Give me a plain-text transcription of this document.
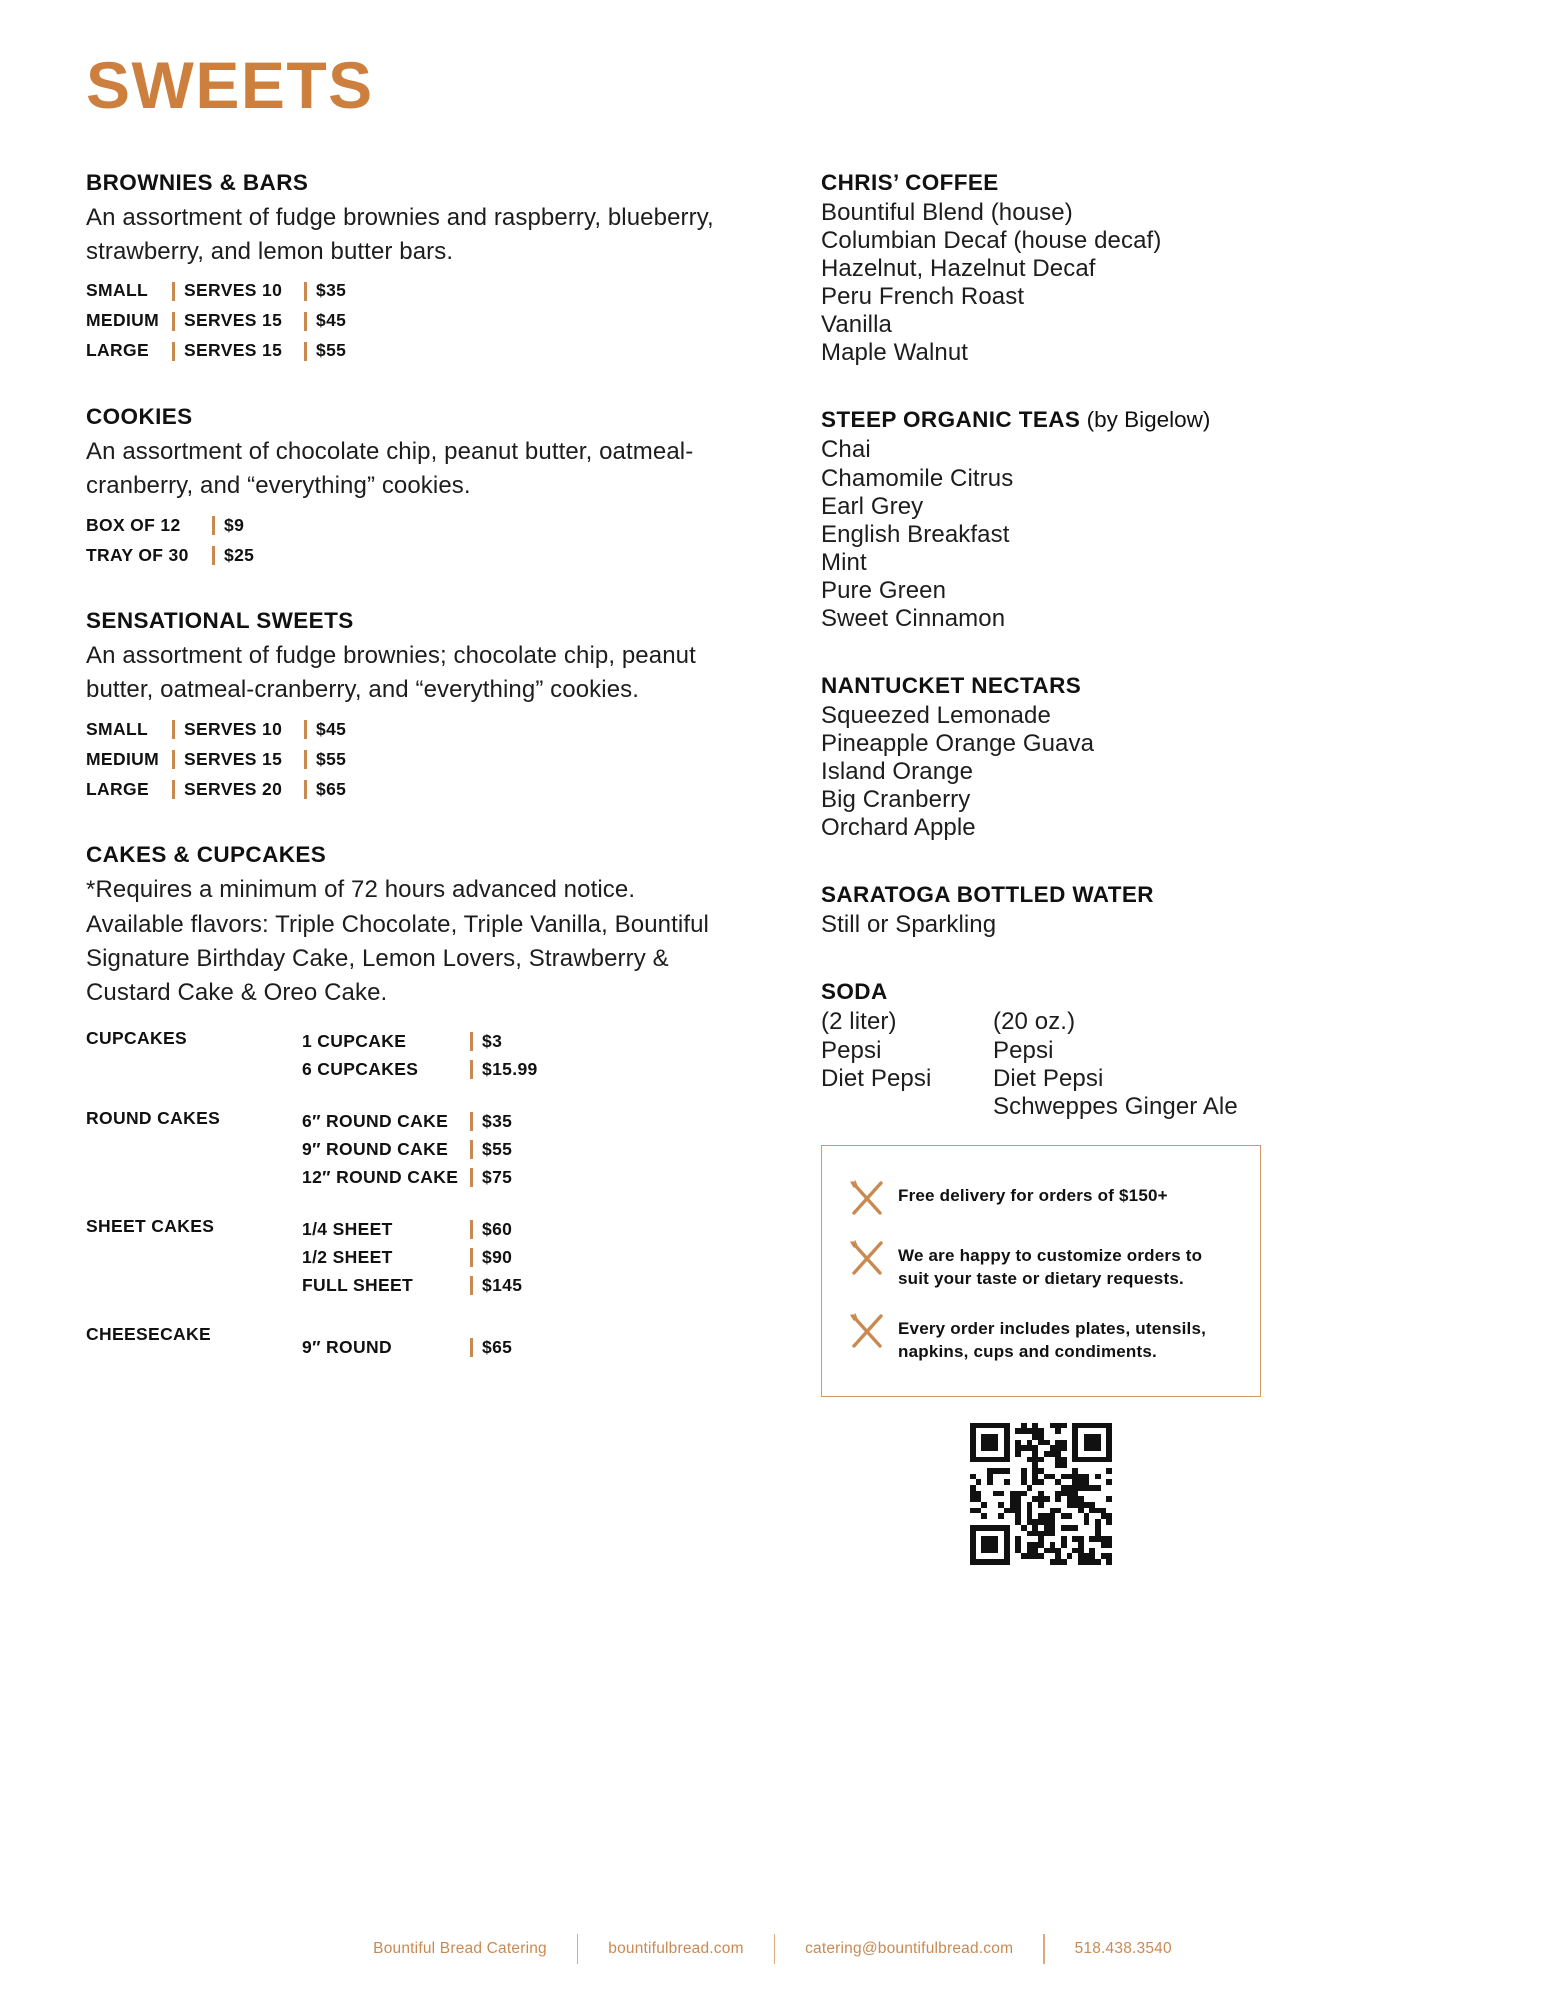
SWEETS
BROWNIES & BARS
An assortment of fudge brownies and raspberry, blueberry, strawberry, and lemon butter bars.
SMALL	SERVES 10	$35
MEDIUM	SERVES 15	$45
LARGE	SERVES 15	$55
COOKIES
An assortment of chocolate chip, peanut butter, oatmeal-cranberry, and “everything” cookies.
BOX OF 12	$9
TRAY OF 30	$25
SENSATIONAL SWEETS
An assortment of fudge brownies; chocolate chip, peanut butter, oatmeal-cranberry, and “everything” cookies.
SMALL	SERVES 10	$45
MEDIUM	SERVES 15	$55
LARGE	SERVES 20	$65
CAKES & CUPCAKES
*Requires a minimum of 72 hours advanced notice.
Available flavors: Triple Chocolate, Triple Vanilla, Bountiful Signature Birthday Cake, Lemon Lovers, Strawberry & Custard Cake & Oreo Cake.
CUPCAKES	1 CUPCAKE	$3
6 CUPCAKES	$15.99
ROUND CAKES	6″ ROUND CAKE	$35
9″ ROUND CAKE	$55
12″ ROUND CAKE	$75
SHEET CAKES	1/4 SHEET	$60
1/2 SHEET	$90
FULL SHEET	$145
CHEESECAKE
9″ ROUND	$65
CHRIS’ COFFEE
Bountiful Blend (house)
Columbian Decaf (house decaf)
Hazelnut, Hazelnut Decaf
Peru French Roast
Vanilla
Maple Walnut
STEEP ORGANIC TEAS (by Bigelow)
Chai
Chamomile Citrus
Earl Grey
English Breakfast
Mint
Pure Green
Sweet Cinnamon
NANTUCKET NECTARS
Squeezed Lemonade
Pineapple Orange Guava
Island Orange
Big Cranberry
Orchard Apple
SARATOGA BOTTLED WATER
Still or Sparkling
SODA
(2 liter)
Pepsi
Diet Pepsi
(20 oz.)
Pepsi
Diet Pepsi
Schweppes Ginger Ale
Free delivery for orders of $150+
We are happy to customize orders to suit your taste or dietary requests.
Every order includes plates, utensils, napkins, cups and condiments.
Bountiful Bread Catering	bountifulbread.com	catering@bountifulbread.com	518.438.3540
